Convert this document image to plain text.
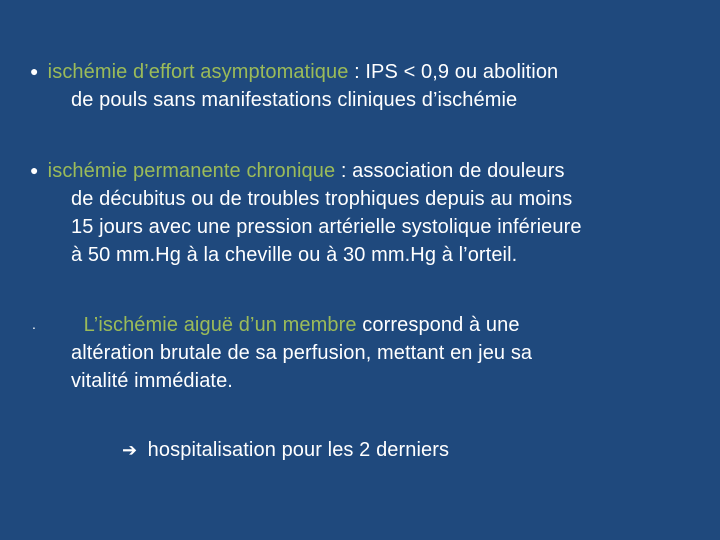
● ischémie d’effort asymptomatique : IPS < 0,9 ou abolition
de pouls sans manifestations cliniques d’ischémie
● ischémie permanente chronique : association de douleurs
de décubitus ou de troubles trophiques depuis au moins
15 jours avec une pression artérielle systolique inférieure
à 50 mm.Hg à la cheville ou à 30 mm.Hg à l’orteil.
. L’ischémie aiguë d’un membre correspond à une
altération brutale de sa perfusion, mettant en jeu sa
vitalité immédiate.
➔ hospitalisation pour les 2 derniers
